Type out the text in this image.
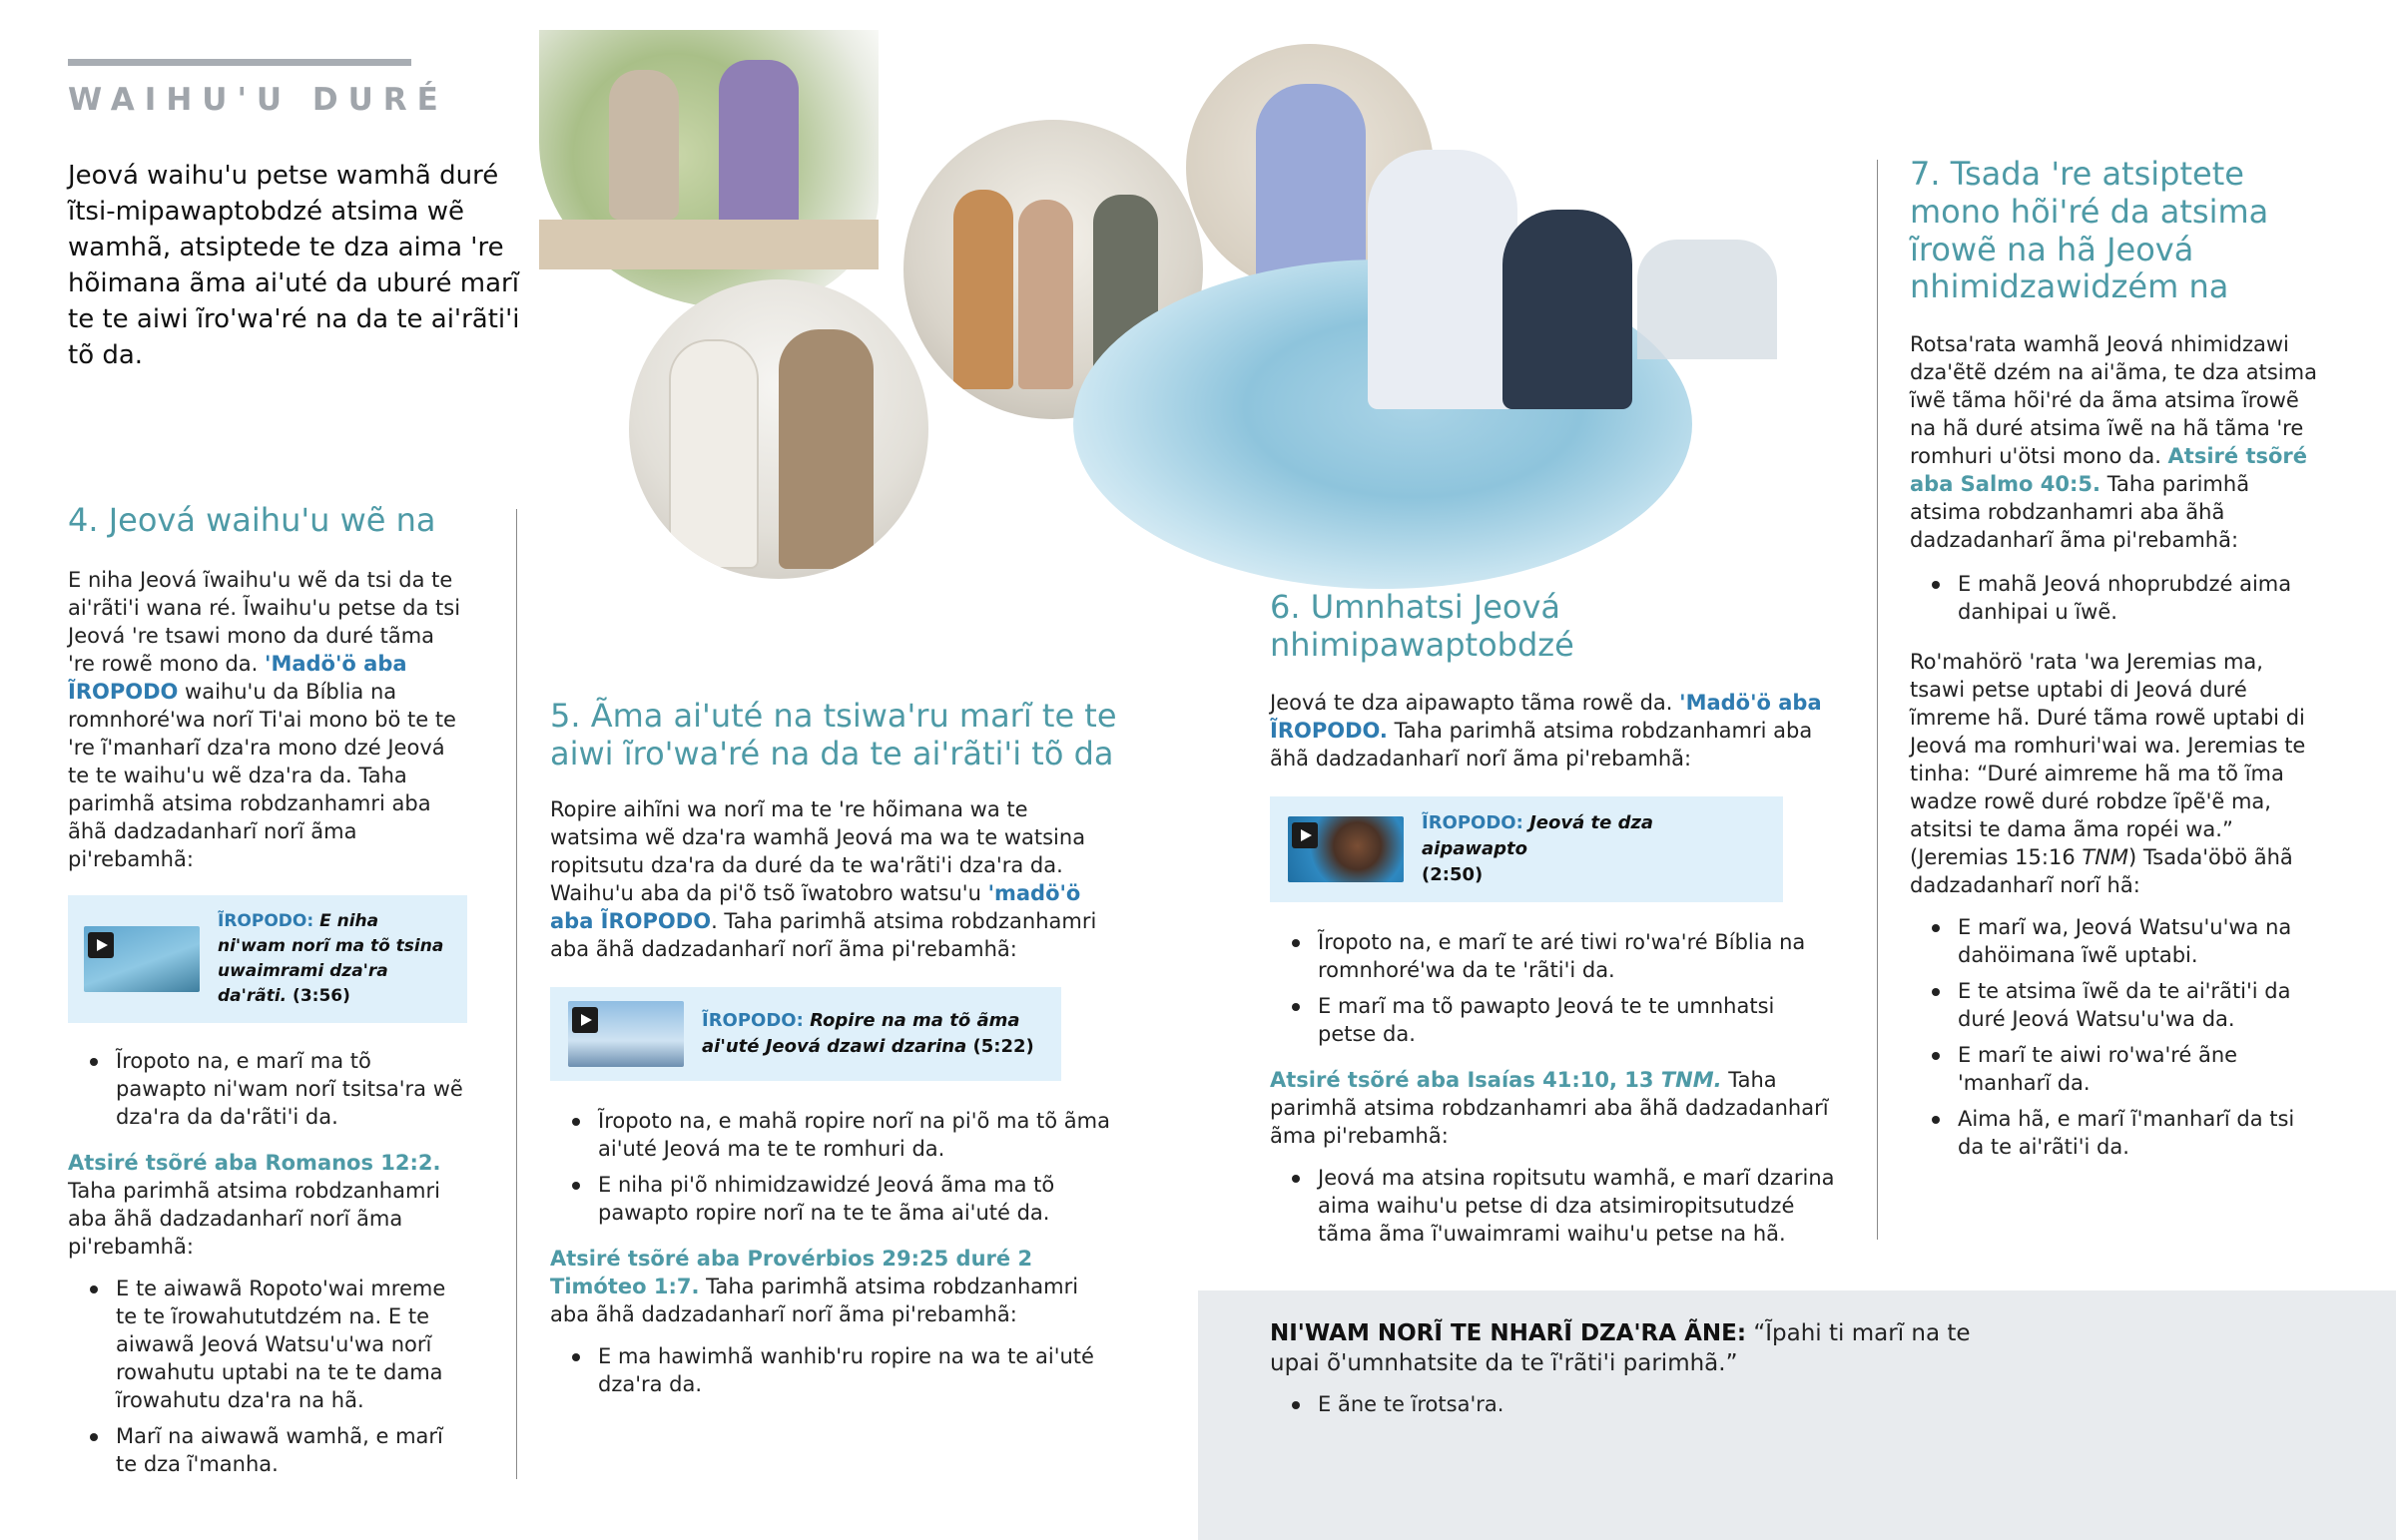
WAIHU'U DURÉ
Jeová waihu'u petse wamhã duré ĩtsi-mipawaptobdzé atsima wẽ wamhã, atsiptede te dza aima 're hõimana ãma ai'uté da uburé marĩ te te aiwi ĩro'wa'ré na da te ai'rãti'i tõ da.
4. Jeová waihu'u wẽ na

E niha Jeová ĩwaihu'u wẽ da tsi da te ai'rãti'i wana ré. Ĩwaihu'u petse da tsi Jeová 're tsawi mono da duré tãma 're rowẽ mono da. 'Madö'ö aba ĨROPODO waihu'u da Bíblia na romnhoré'wa norĩ Ti'ai mono bö te te 're ĩ'manharĩ dza'ra mono dzé Jeová te te waihu'u wẽ dza'ra da. Taha parimhã atsima robdzanhamri aba ãhã dadzadanharĩ norĩ ãma pi'rebamhã:

ĨROPODO: E niha ni'wam norĩ ma tõ tsina uwaimrami dza'ra da'rãti. (3:56)
Ĩropoto na, e marĩ ma tõ pawapto ni'wam norĩ tsitsa'ra wẽ dza'ra da da'rãti'i da.

Atsiré tsõré aba Romanos 12:2. Taha parimhã atsima robdzanhamri aba ãhã dadzadanharĩ norĩ ãma pi'rebamhã:

E te aiwawã Ropoto'wai mreme te te ĩrowahututdzém na. E te aiwawã Jeová Watsu'u'wa norĩ rowahutu uptabi na te te dama ĩrowahutu dza'ra na hã.
Marĩ na aiwawã wamhã, e marĩ te dza ĩ'manha.
5. Ãma ai'uté na tsiwa'ru marĩ te te aiwi ĩro'wa'ré na da te ai'rãti'i tõ da

Ropire aihĩni wa norĩ ma te 're hõimana wa te watsima wẽ dza'ra wamhã Jeová ma wa te watsina ropitsutu dza'ra da duré da te wa'rãti'i dza'ra da. Waihu'u aba da pi'õ tsõ ĩwatobro watsu'u 'madö'ö aba ĨROPODO. Taha parimhã atsima robdzanhamri aba ãhã dadzadanharĩ norĩ ãma pi'rebamhã:

ĨROPODO: Ropire na ma tõ ãma ai'uté Jeová dzawi dzarina (5:22)
Ĩropoto na, e mahã ropire norĩ na pi'õ ma tõ ãma ai'uté Jeová ma te te romhuri da.
E niha pi'õ nhimidzawidzé Jeová ãma ma tõ pawapto ropire norĩ na te te ãma ai'uté da.

Atsiré tsõré aba Provérbios 29:25 duré 2 Timóteo 1:7. Taha parimhã atsima robdzanhamri aba ãhã dadzadanharĩ norĩ ãma pi'rebamhã:

E ma hawimhã wanhib'ru ropire na wa te ai'uté dza'ra da.
6. Umnhatsi Jeová nhimipawaptobdzé

Jeová te dza aipawapto tãma rowẽ da. 'Madö'ö aba ĨROPODO. Taha parimhã atsima robdzanhamri aba ãhã dadzadanharĩ norĩ ãma pi'rebamhã:

ĨROPODO: Jeová te dza aipawapto
(2:50)
Ĩropoto na, e marĩ te aré tiwi ro'wa'ré Bíblia na romnhoré'wa da te 'rãti'i da.
E marĩ ma tõ pawapto Jeová te te umnhatsi petse da.

Atsiré tsõré aba Isaías 41:10, 13 TNM. Taha parimhã atsima robdzanhamri aba ãhã dadzadanharĩ ãma pi'rebamhã:

Jeová ma atsina ropitsutu wamhã, e marĩ dzarina aima waihu'u petse di dza atsimiropitsutudzé tãma ãma ĩ'uwaimrami waihu'u petse na hã.
7. Tsada 're atsiptete mono hõi'ré da atsima ĩrowẽ na hã Jeová nhimidzawidzém na

Rotsa'rata wamhã Jeová nhimidzawi dza'ẽtẽ dzém na ai'ãma, te dza atsima ĩwẽ tãma hõi'ré da ãma atsima ĩrowẽ na hã duré atsima ĩwẽ na hã tãma 're romhuri u'ötsi mono da. Atsiré tsõré aba Salmo 40:5. Taha parimhã atsima robdzanhamri aba ãhã dadzadanharĩ ãma pi'rebamhã:

E mahã Jeová nhoprubdzé aima danhipai u ĩwẽ.

Ro'mahörö 'rata 'wa Jeremias ma, tsawi petse uptabi di Jeová duré ĩmreme hã. Duré tãma rowẽ uptabi di Jeová ma romhuri'wai wa. Jeremias te tinha: “Duré aimreme hã ma tõ ĩma wadze rowẽ duré robdze ĩpẽ'ẽ ma, atsitsi te dama ãma ropéi wa.” (Jeremias 15:16 TNM) Tsada'öbö ãhã dadzadanharĩ norĩ hã:

E marĩ wa, Jeová Watsu'u'wa na dahöimana ĩwẽ uptabi.
E te atsima ĩwẽ da te ai'rãti'i da duré Jeová Watsu'u'wa da.
E marĩ te aiwi ro'wa'ré ãne 'manharĩ da.
Aima hã, e marĩ ĩ'manharĩ da tsi da te ai'rãti'i da.

NI'WAM NORĨ TE NHARĨ DZA'RA ÃNE: “Ĩpahi ti marĩ na te upai õ'umnhatsite da te ĩ'rãti'i parimhã.”

E ãne te ĩrotsa'ra.
